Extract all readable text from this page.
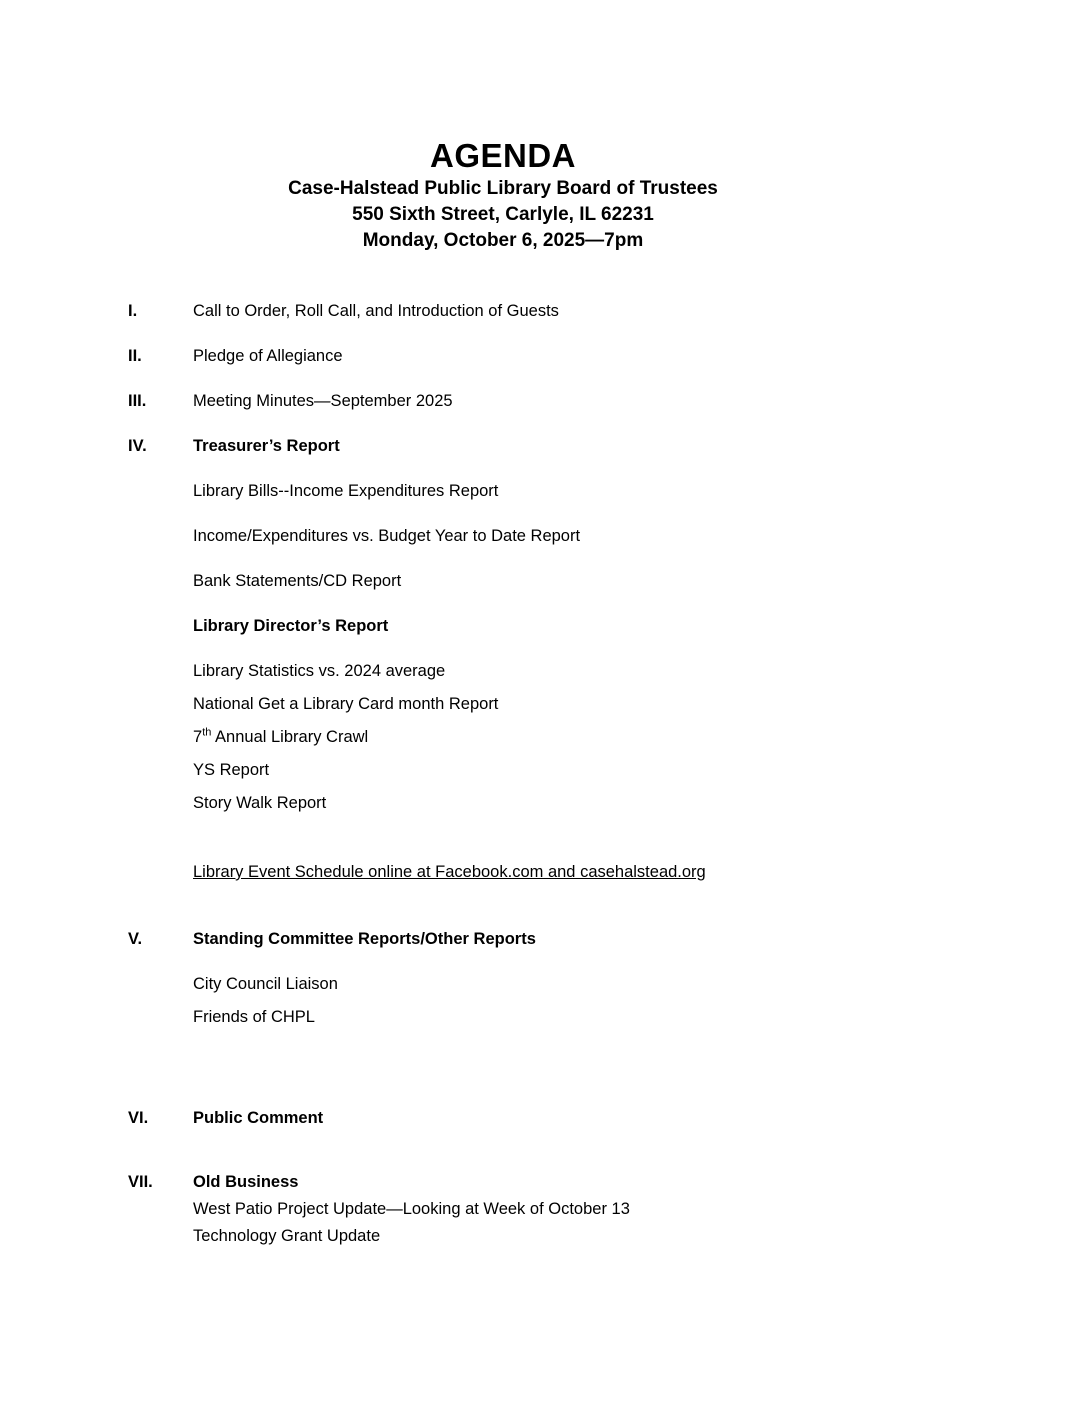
AGENDA
Case-Halstead Public Library Board of Trustees
550 Sixth Street, Carlyle, IL 62231
Monday, October 6, 2025—7pm
I.	Call to Order, Roll Call, and Introduction of Guests
II.	Pledge of Allegiance
III.	Meeting Minutes—September 2025
IV.	Treasurer’s Report
Library Bills--Income Expenditures Report
Income/Expenditures vs. Budget Year to Date Report
Bank Statements/CD Report
Library Director’s Report
Library Statistics vs. 2024 average
National Get a Library Card month Report
7th Annual Library Crawl
YS Report
Story Walk Report
Library Event Schedule online at Facebook.com and casehalstead.org
V.	Standing Committee Reports/Other Reports
City Council Liaison
Friends of CHPL
VI.	Public Comment
VII. Old Business
West Patio Project Update—Looking at Week of October 13
Technology Grant Update
